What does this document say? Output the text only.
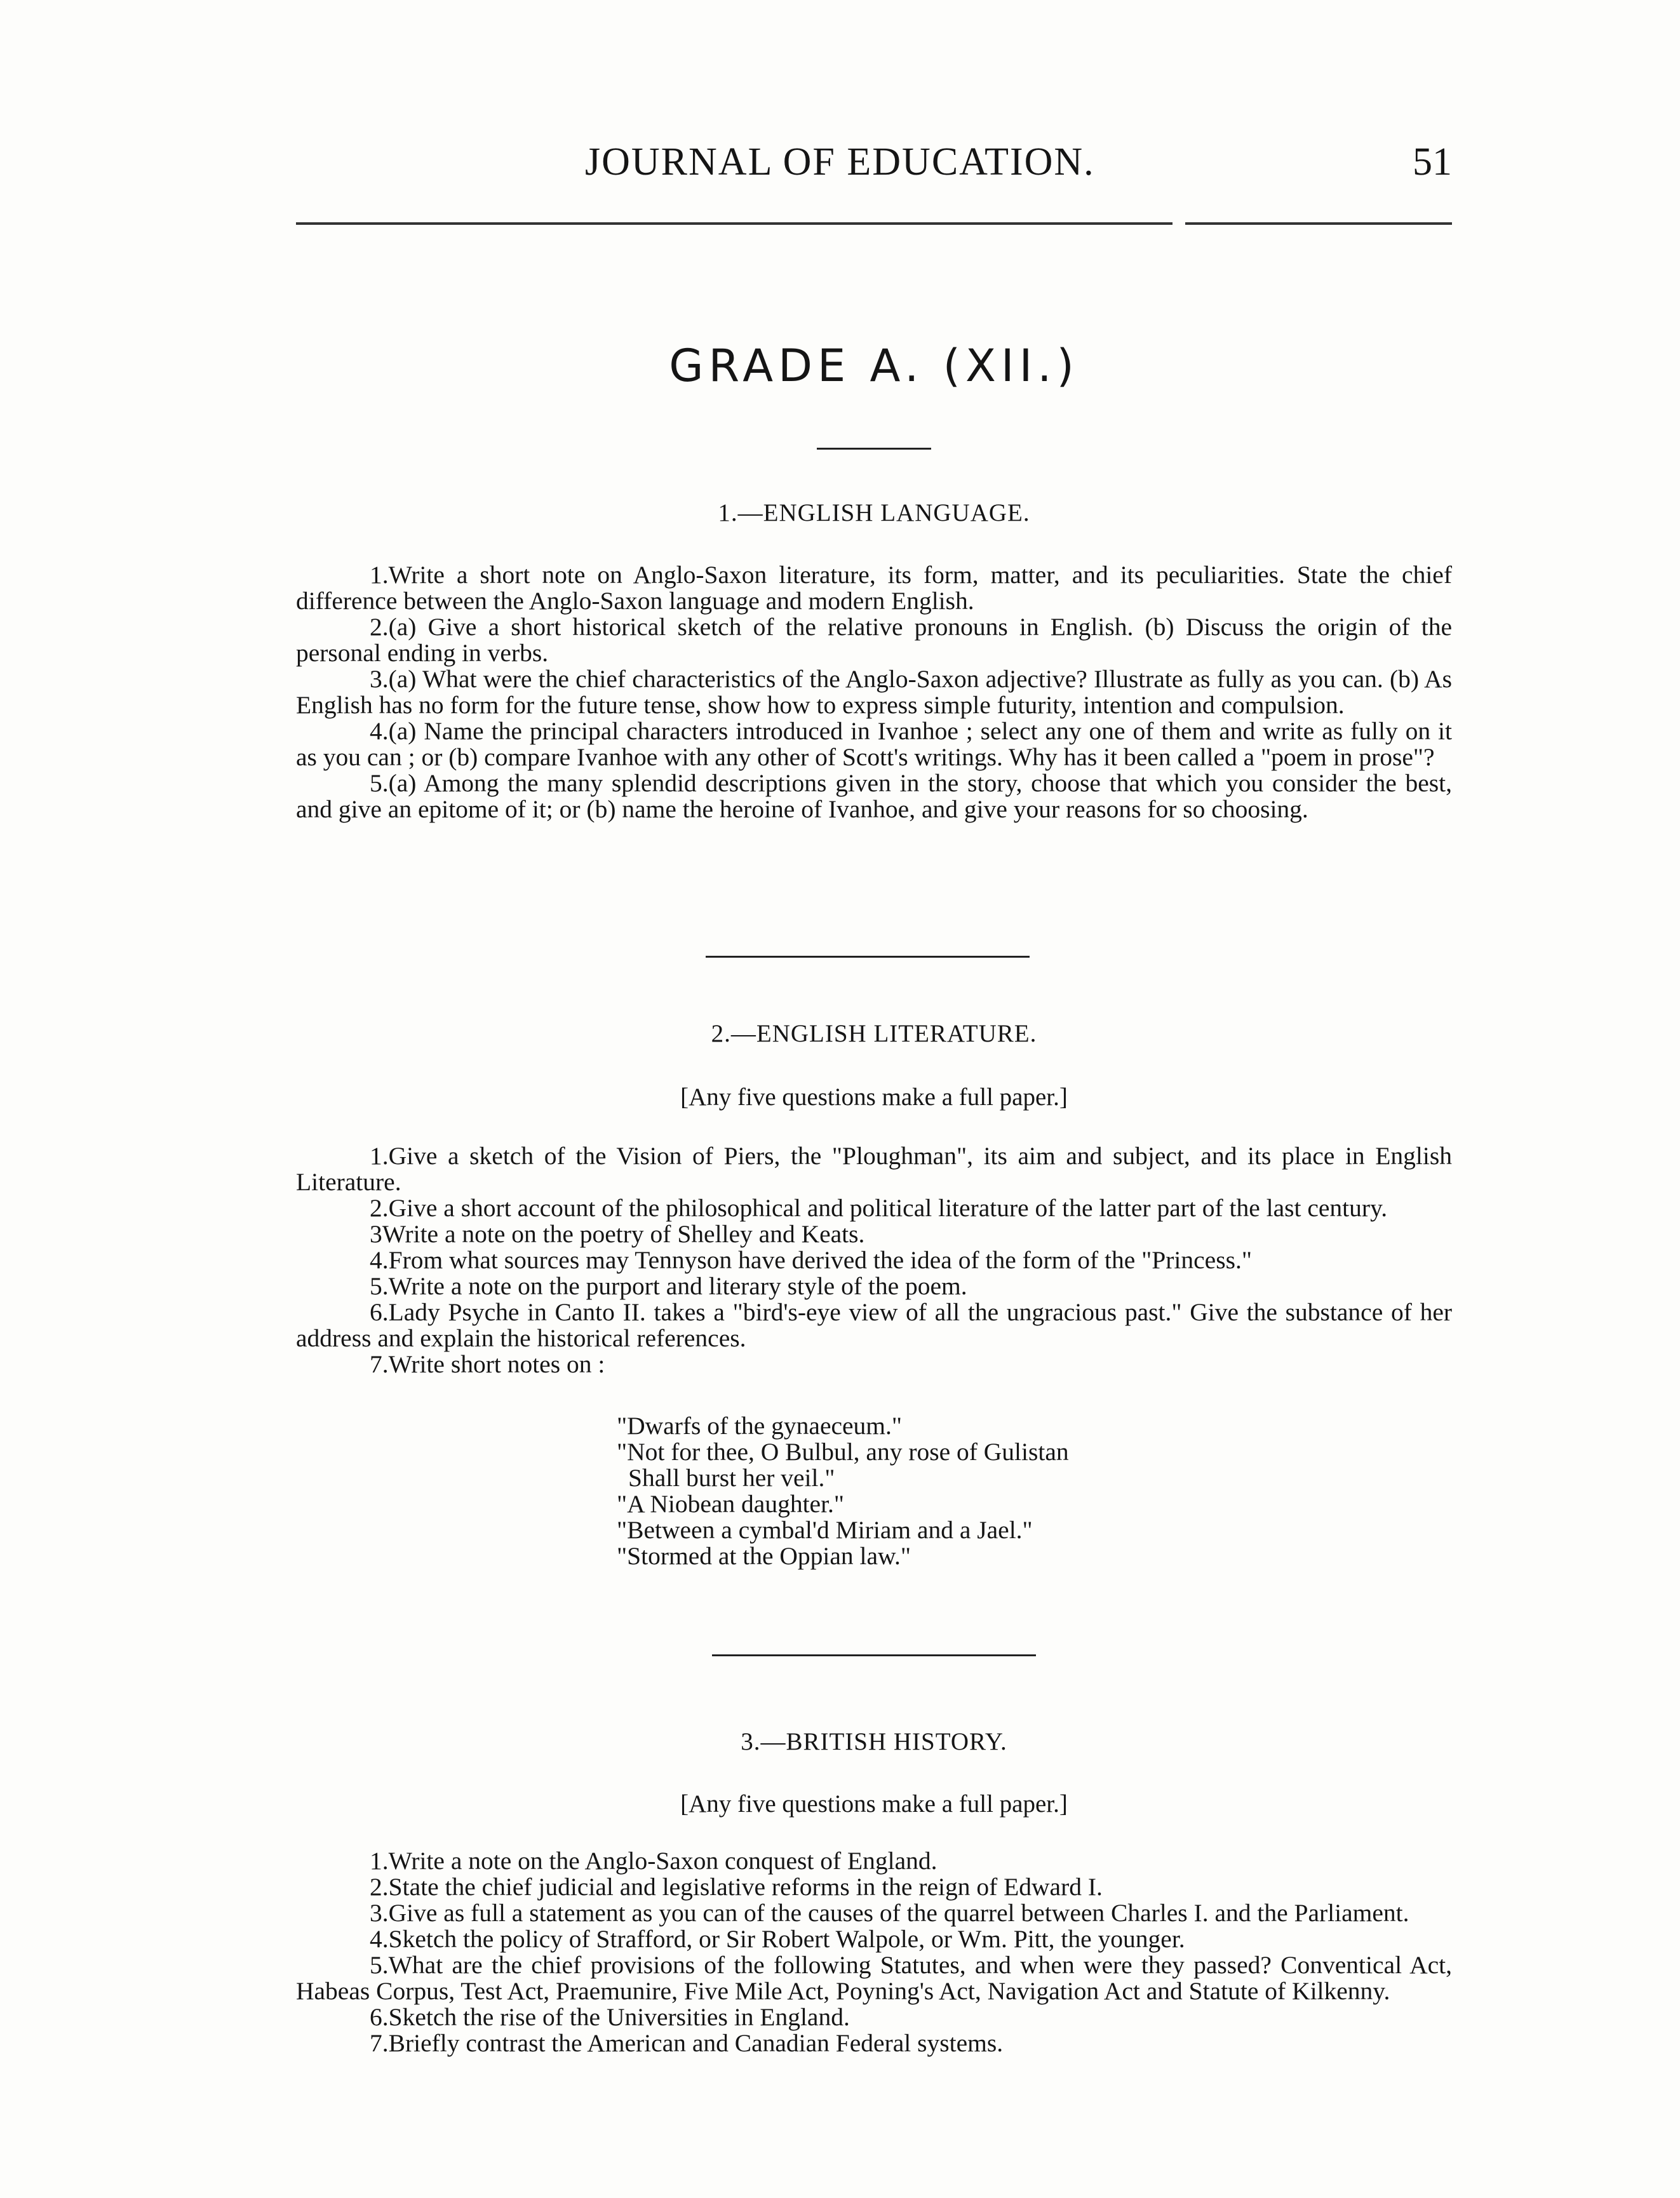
JOURNAL OF EDUCATION.	51
GRADE A. (XII.)
1.—ENGLISH LANGUAGE.

1.Write a short note on Anglo-Saxon literature, its form, matter, and its peculiarities. State the chief difference between the Anglo-Saxon language and modern English.

2.(a) Give a short historical sketch of the relative pronouns in English. (b) Discuss the origin of the personal ending in verbs.

3.(a) What were the chief characteristics of the Anglo-Saxon adjective? Illustrate as fully as you can. (b) As English has no form for the future tense, show how to express simple futurity, intention and compulsion.

4.(a) Name the principal characters introduced in Ivanhoe ; select any one of them and write as fully on it as you can ; or (b) compare Ivanhoe with any other of Scott's writings. Why has it been called a "poem in prose"?

5.(a) Among the many splendid descriptions given in the story, choose that which you consider the best, and give an epitome of it; or (b) name the heroine of Ivanhoe, and give your reasons for so choosing.

2.—ENGLISH LITERATURE.
[Any five questions make a full paper.]

1.Give a sketch of the Vision of Piers, the "Ploughman", its aim and subject, and its place in English Literature.

2.Give a short account of the philosophical and political literature of the latter part of the last century.

3Write a note on the poetry of Shelley and Keats.

4.From what sources may Tennyson have derived the idea of the form of the "Princess."

5.Write a note on the purport and literary style of the poem.

6.Lady Psyche in Canto II. takes a "bird's-eye view of all the ungracious past." Give the substance of her address and explain the historical references.

7.Write short notes on :

"Dwarfs of the gynaeceum."
"Not for thee, O Bulbul, any rose of Gulistan
Shall burst her veil."
"A Niobean daughter."
"Between a cymbal'd Miriam and a Jael."
"Stormed at the Oppian law."
3.—BRITISH HISTORY.
[Any five questions make a full paper.]

1.Write a note on the Anglo-Saxon conquest of England.

2.State the chief judicial and legislative reforms in the reign of Edward I.

3.Give as full a statement as you can of the causes of the quarrel between Charles I. and the Parliament.

4.Sketch the policy of Strafford, or Sir Robert Walpole, or Wm. Pitt, the younger.

5.What are the chief provisions of the following Statutes, and when were they passed? Conventical Act, Habeas Corpus, Test Act, Praemunire, Five Mile Act, Poyning's Act, Navigation Act and Statute of Kilkenny.

6.Sketch the rise of the Universities in England.

7.Briefly contrast the American and Canadian Federal systems.
